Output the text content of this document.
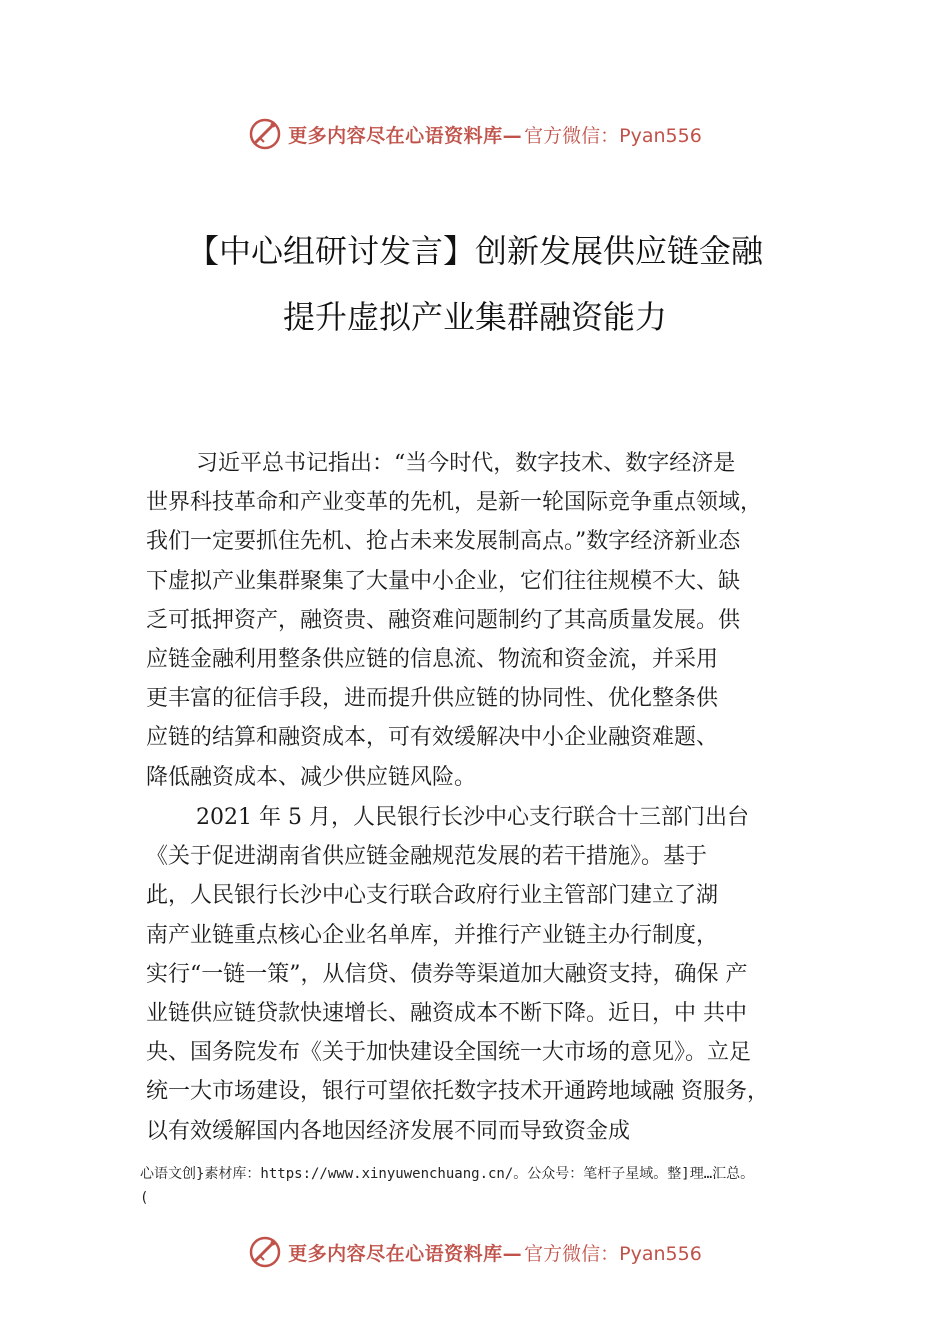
更多内容尽在心语资料库— 官方微信：Pyan556
【中心组研讨发言】创新发展供应链金融
提升虚拟产业集群融资能力
习近平总书记指出：“当今时代，数字技术、数字经济是
世界科技革命和产业变革的先机，是新一轮国际竞争重点领域，
我们一定要抓住先机、抢占未来发展制高点。”数字经济新业态
下虚拟产业集群聚集了大量中小企业，它们往往规模不大、缺
乏可抵押资产，融资贵、融资难问题制约了其高质量发展。供
应链金融利用整条供应链的信息流、物流和资金流，并采用
更丰富的征信手段，进而提升供应链的协同性、优化整条供
应链的结算和融资成本，可有效缓解决中小企业融资难题、
降低融资成本、减少供应链风险。
2021 年 5 月，人民银行长沙中心支行联合十三部门出台
《关于促进湖南省供应链金融规范发展的若干措施》。基于
此，人民银行长沙中心支行联合政府行业主管部门建立了湖
南产业链重点核心企业名单库，并推行产业链主办行制度，
实行“一链一策”，从信贷、债券等渠道加大融资支持，确保 产
业链供应链贷款快速增长、融资成本不断下降。近日，中 共中
央、国务院发布《关于加快建设全国统一大市场的意见》。立足
统一大市场建设，银行可望依托数字技术开通跨地域融 资服务，
以有效缓解国内各地因经济发展不同而导致资金成
心语文创}素材库：https://www.xinyuwenchuang.cn/。公众号：笔杆子星域。整]理…汇总。
(
更多内容尽在心语资料库— 官方微信：Pyan556
